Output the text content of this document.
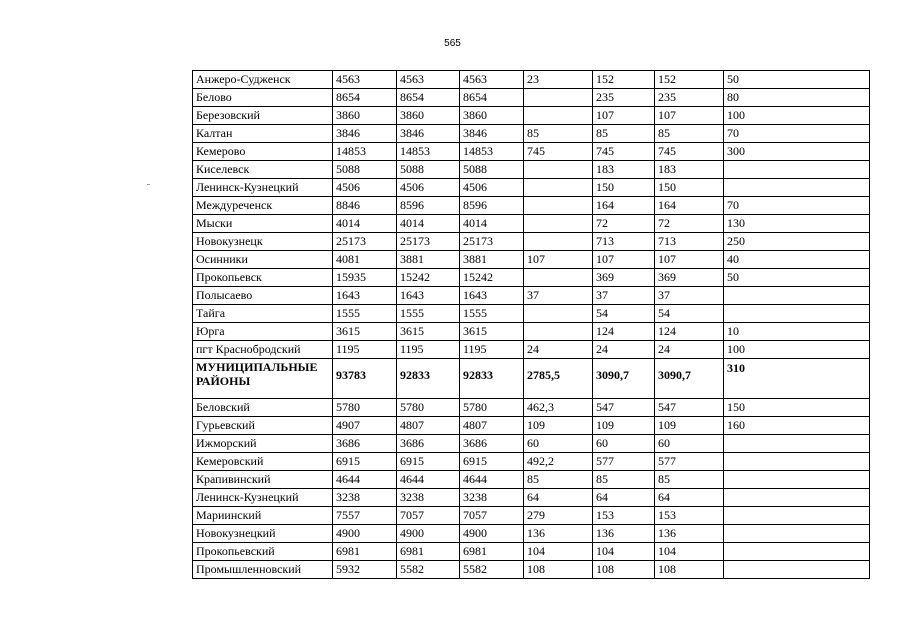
565
Анжеро-Судженск	4563	4563	4563	23	152	152	50
Белово	8654	8654	8654		235	235	80
Березовский	3860	3860	3860		107	107	100
Калтан	3846	3846	3846	85	85	85	70
Кемерово	14853	14853	14853	745	745	745	300
Киселевск	5088	5088	5088		183	183	
Ленинск-Кузнецкий	4506	4506	4506		150	150	
Междуреченск	8846	8596	8596		164	164	70
Мыски	4014	4014	4014		72	72	130
Новокузнецк	25173	25173	25173		713	713	250
Осинники	4081	3881	3881	107	107	107	40
Прокопьевск	15935	15242	15242		369	369	50
Полысаево	1643	1643	1643	37	37	37	
Тайга	1555	1555	1555		54	54	
Юрга	3615	3615	3615		124	124	10
пгт Краснобродский	1195	1195	1195	24	24	24	100
МУНИЦИПАЛЬНЫЕ РАЙОНЫ	93783	92833	92833	2785,5	3090,7	3090,7	310
Беловский	5780	5780	5780	462,3	547	547	150
Гурьевский	4907	4807	4807	109	109	109	160
Ижморский	3686	3686	3686	60	60	60	
Кемеровский	6915	6915	6915	492,2	577	577	
Крапивинский	4644	4644	4644	85	85	85	
Ленинск-Кузнецкий	3238	3238	3238	64	64	64	
Мариинский	7557	7057	7057	279	153	153	
Новокузнецкий	4900	4900	4900	136	136	136	
Прокопьевский	6981	6981	6981	104	104	104	
Промышленновский	5932	5582	5582	108	108	108	
